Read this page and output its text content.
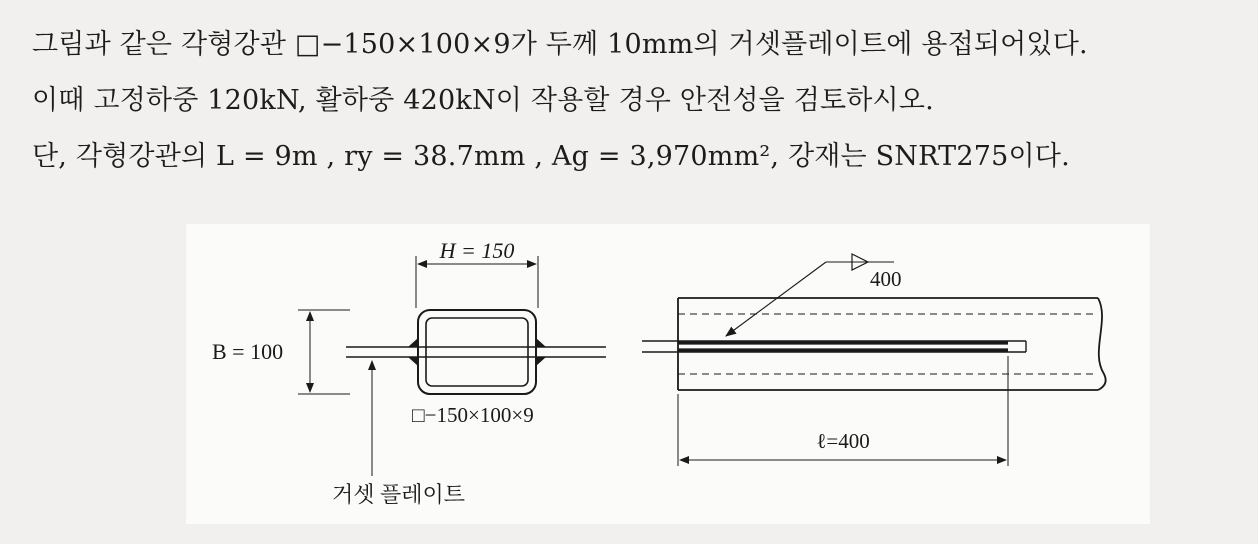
그림과 같은 각형강관 □−150×100×9가 두께 10mm의 거셋플레이트에 용접되어있다.
이때 고정하중 120kN, 활하중 420kN이 작용할 경우 안전성을 검토하시오.
단, 각형강관의 L = 9m , ry = 38.7mm , Ag = 3,970mm², 강재는 SNRT275이다.
H = 150
B = 100
□−150×100×9
거셋 플레이트
400
ℓ=400
